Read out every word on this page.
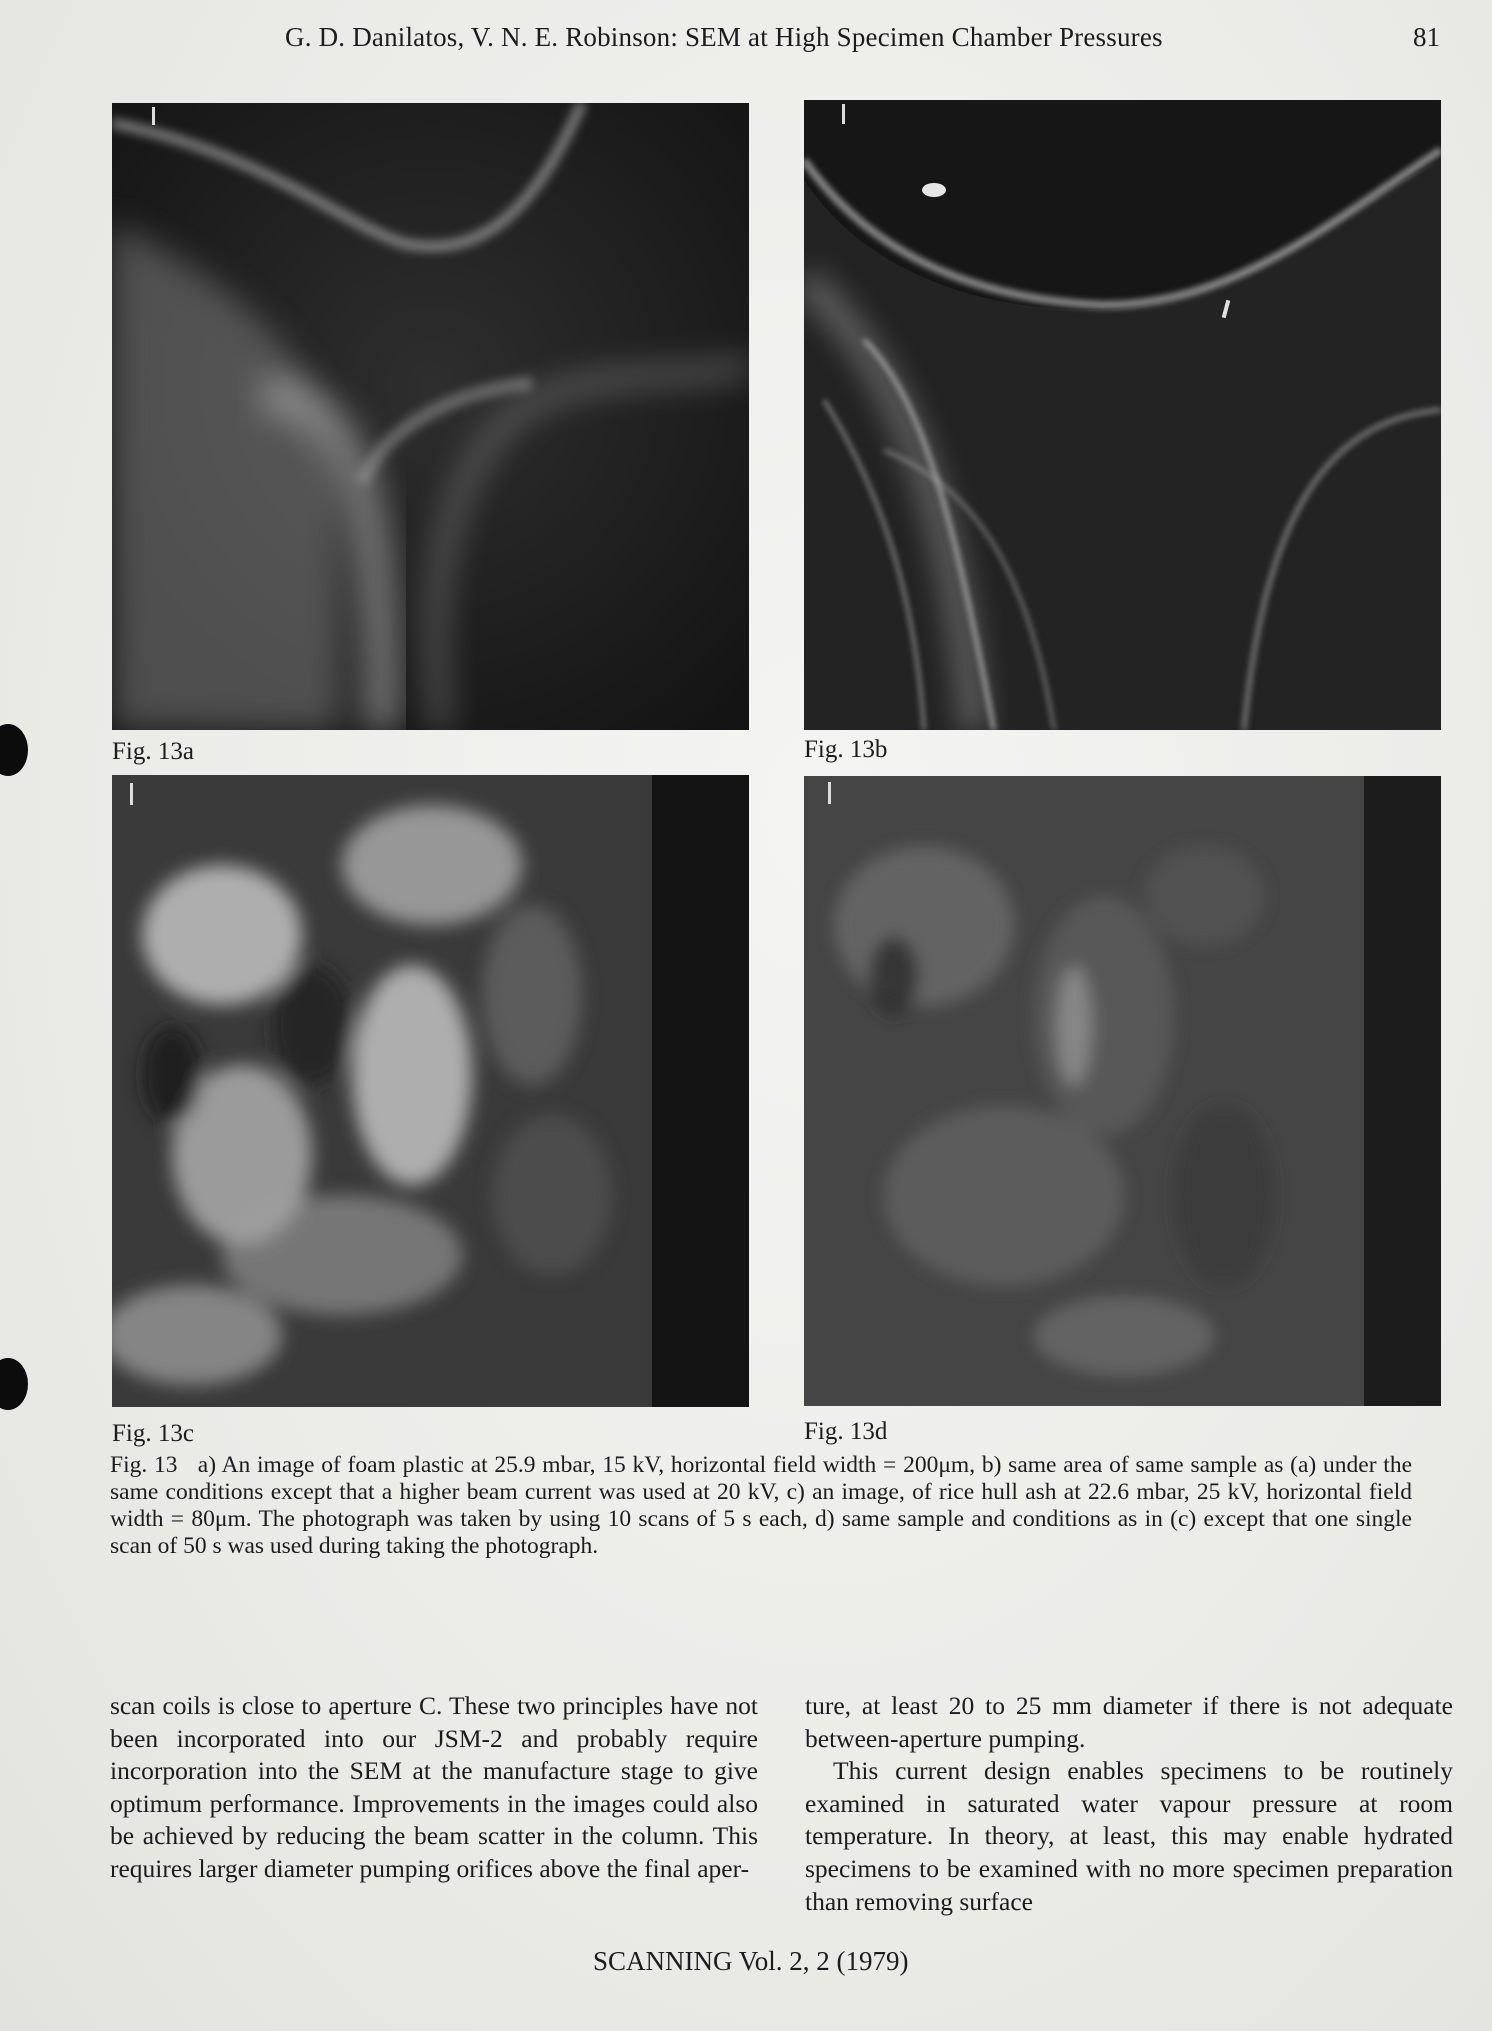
G. D. Danilatos, V. N. E. Robinson: SEM at High Specimen Chamber Pressures	81
Fig. 13a	Fig. 13b
Fig. 13c	Fig. 13d
Fig. 13 a) An image of foam plastic at 25.9 mbar, 15 kV, horizontal field width = 200μm, b) same area of same sample as (a) under the same conditions except that a higher beam current was used at 20 kV, c) an image, of rice hull ash at 22.6 mbar, 25 kV, horizontal field width = 80μm. The photograph was taken by using 10 scans of 5 s each, d) same sample and conditions as in (c) except that one single scan of 50 s was used during taking the photograph.

scan coils is close to aperture C. These two principles have not been incorporated into our JSM-2 and probably require incorporation into the SEM at the manufacture stage to give optimum performance. Improvements in the images could also be achieved by reducing the beam scatter in the column. This requires larger diameter pumping orifices above the final aper-

ture, at least 20 to 25 mm diameter if there is not adequate between-aperture pumping.

This current design enables specimens to be routinely examined in saturated water vapour pressure at room temperature. In theory, at least, this may enable hydrated specimens to be examined with no more specimen preparation than removing surface

SCANNING Vol. 2, 2 (1979)
